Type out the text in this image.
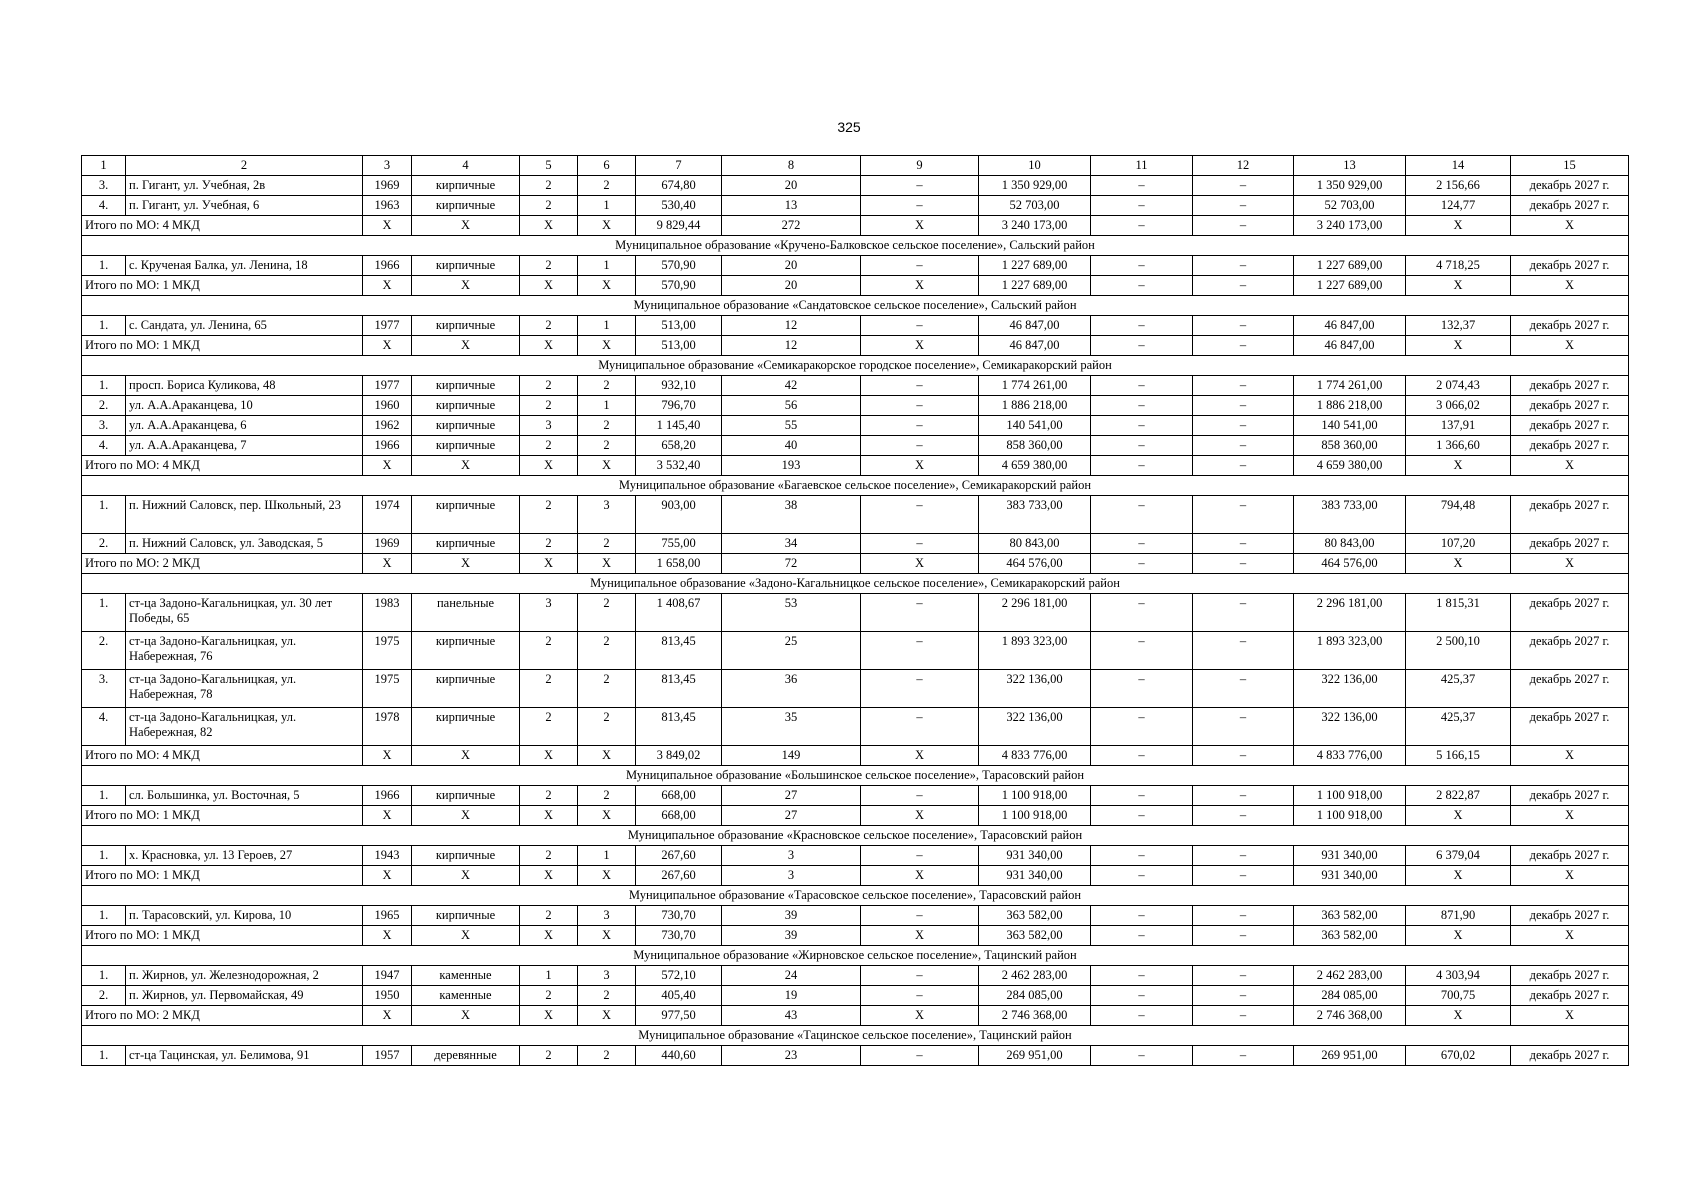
325
1	2	3	4	5	6	7	8	9	10	11	12	13	14	15
3.	п. Гигант, ул. Учебная, 2в	1969	кирпичные	2	2	674,80	20	–	1 350 929,00	–	–	1 350 929,00	2 156,66	декабрь 2027 г.
4.	п. Гигант, ул. Учебная, 6	1963	кирпичные	2	1	530,40	13	–	52 703,00	–	–	52 703,00	124,77	декабрь 2027 г.
Итого по МО: 4 МКД		X	X	X	X	9 829,44	272	X	3 240 173,00	–	–	3 240 173,00	X	X
Муниципальное образование «Кручено-Балковское сельское поселение», Сальский район														
1.	с. Крученая Балка, ул. Ленина, 18	1966	кирпичные	2	1	570,90	20	–	1 227 689,00	–	–	1 227 689,00	4 718,25	декабрь 2027 г.
Итого по МО: 1 МКД		X	X	X	X	570,90	20	X	1 227 689,00	–	–	1 227 689,00	X	X
Муниципальное образование «Сандатовское сельское поселение», Сальский район														
1.	с. Сандата, ул. Ленина, 65	1977	кирпичные	2	1	513,00	12	–	46 847,00	–	–	46 847,00	132,37	декабрь 2027 г.
Итого по МО: 1 МКД		X	X	X	X	513,00	12	X	46 847,00	–	–	46 847,00	X	X
Муниципальное образование «Семикаракорское городское поселение», Семикаракорский район														
1.	просп. Бориса Куликова, 48	1977	кирпичные	2	2	932,10	42	–	1 774 261,00	–	–	1 774 261,00	2 074,43	декабрь 2027 г.
2.	ул. А.А.Араканцева, 10	1960	кирпичные	2	1	796,70	56	–	1 886 218,00	–	–	1 886 218,00	3 066,02	декабрь 2027 г.
3.	ул. А.А.Араканцева, 6	1962	кирпичные	3	2	1 145,40	55	–	140 541,00	–	–	140 541,00	137,91	декабрь 2027 г.
4.	ул. А.А.Араканцева, 7	1966	кирпичные	2	2	658,20	40	–	858 360,00	–	–	858 360,00	1 366,60	декабрь 2027 г.
Итого по МО: 4 МКД		X	X	X	X	3 532,40	193	X	4 659 380,00	–	–	4 659 380,00	X	X
Муниципальное образование «Багаевское сельское поселение», Семикаракорский район														
1.	п. Нижний Саловск, пер. Школьный, 23	1974	кирпичные	2	3	903,00	38	–	383 733,00	–	–	383 733,00	794,48	декабрь 2027 г.
2.	п. Нижний Саловск, ул. Заводская, 5	1969	кирпичные	2	2	755,00	34	–	80 843,00	–	–	80 843,00	107,20	декабрь 2027 г.
Итого по МО: 2 МКД		X	X	X	X	1 658,00	72	X	464 576,00	–	–	464 576,00	X	X
Муниципальное образование «Задоно-Кагальницкое сельское поселение», Семикаракорский район														
1.	ст-ца Задоно-Кагальницкая, ул. 30 лет Победы, 65	1983	панельные	3	2	1 408,67	53	–	2 296 181,00	–	–	2 296 181,00	1 815,31	декабрь 2027 г.
2.	ст-ца Задоно-Кагальницкая, ул. Набережная, 76	1975	кирпичные	2	2	813,45	25	–	1 893 323,00	–	–	1 893 323,00	2 500,10	декабрь 2027 г.
3.	ст-ца Задоно-Кагальницкая, ул. Набережная, 78	1975	кирпичные	2	2	813,45	36	–	322 136,00	–	–	322 136,00	425,37	декабрь 2027 г.
4.	ст-ца Задоно-Кагальницкая, ул. Набережная, 82	1978	кирпичные	2	2	813,45	35	–	322 136,00	–	–	322 136,00	425,37	декабрь 2027 г.
Итого по МО: 4 МКД		X	X	X	X	3 849,02	149	X	4 833 776,00	–	–	4 833 776,00	5 166,15	X
Муниципальное образование «Большинское сельское поселение», Тарасовский район														
1.	сл. Большинка, ул. Восточная, 5	1966	кирпичные	2	2	668,00	27	–	1 100 918,00	–	–	1 100 918,00	2 822,87	декабрь 2027 г.
Итого по МО: 1 МКД		X	X	X	X	668,00	27	X	1 100 918,00	–	–	1 100 918,00	X	X
Муниципальное образование «Красновское сельское поселение», Тарасовский район														
1.	х. Красновка, ул. 13 Героев, 27	1943	кирпичные	2	1	267,60	3	–	931 340,00	–	–	931 340,00	6 379,04	декабрь 2027 г.
Итого по МО: 1 МКД		X	X	X	X	267,60	3	X	931 340,00	–	–	931 340,00	X	X
Муниципальное образование «Тарасовское сельское поселение», Тарасовский район														
1.	п. Тарасовский, ул. Кирова, 10	1965	кирпичные	2	3	730,70	39	–	363 582,00	–	–	363 582,00	871,90	декабрь 2027 г.
Итого по МО: 1 МКД		X	X	X	X	730,70	39	X	363 582,00	–	–	363 582,00	X	X
Муниципальное образование «Жирновское сельское поселение», Тацинский район														
1.	п. Жирнов, ул. Железнодорожная, 2	1947	каменные	1	3	572,10	24	–	2 462 283,00	–	–	2 462 283,00	4 303,94	декабрь 2027 г.
2.	п. Жирнов, ул. Первомайская, 49	1950	каменные	2	2	405,40	19	–	284 085,00	–	–	284 085,00	700,75	декабрь 2027 г.
Итого по МО: 2 МКД		X	X	X	X	977,50	43	X	2 746 368,00	–	–	2 746 368,00	X	X
Муниципальное образование «Тацинское сельское поселение», Тацинский район														
1.	ст-ца Тацинская, ул. Белимова, 91	1957	деревянные	2	2	440,60	23	–	269 951,00	–	–	269 951,00	670,02	декабрь 2027 г.
